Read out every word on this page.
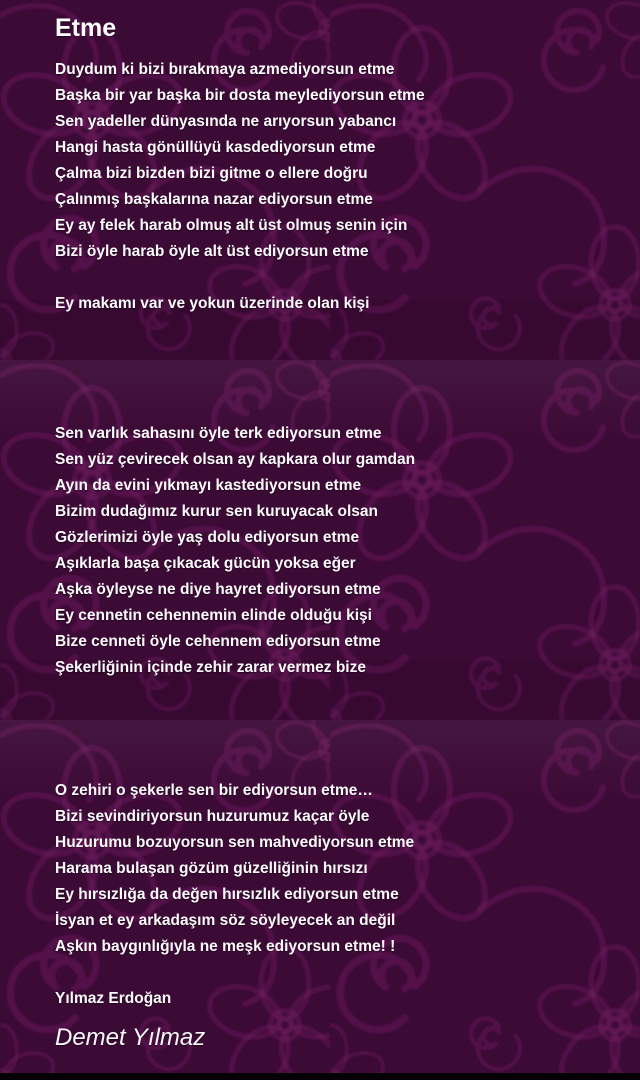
Etme
Duydum ki bizi bırakmaya azmediyorsun etme
Başka bir yar başka bir dosta meylediyorsun etme
Sen yadeller dünyasında ne arıyorsun yabancı
Hangi hasta gönüllüyü kasdediyorsun etme
Çalma bizi bizden bizi gitme o ellere doğru
Çalınmış başkalarına nazar ediyorsun etme
Ey ay felek harab olmuş alt üst olmuş senin için
Bizi öyle harab öyle alt üst ediyorsun etme
Ey makamı var ve yokun üzerinde olan kişi
Sen varlık sahasını öyle terk ediyorsun etme
Sen yüz çevirecek olsan ay kapkara olur gamdan
Ayın da evini yıkmayı kastediyorsun etme
Bizim dudağımız kurur sen kuruyacak olsan
Gözlerimizi öyle yaş dolu ediyorsun etme
Aşıklarla başa çıkacak gücün yoksa eğer
Aşka öyleyse ne diye hayret ediyorsun etme
Ey cennetin cehennemin elinde olduğu kişi
Bize cenneti öyle cehennem ediyorsun etme
Şekerliğinin içinde zehir zarar vermez bize
O zehiri o şekerle sen bir ediyorsun etme…
Bizi sevindiriyorsun huzurumuz kaçar öyle
Huzurumu bozuyorsun sen mahvediyorsun etme
Harama bulaşan gözüm güzelliğinin hırsızı
Ey hırsızlığa da değen hırsızlık ediyorsun etme
İsyan et ey arkadaşım söz söyleyecek an değil
Aşkın baygınlığıyla ne meşk ediyorsun etme! !
Yılmaz Erdoğan
Demet Yılmaz
